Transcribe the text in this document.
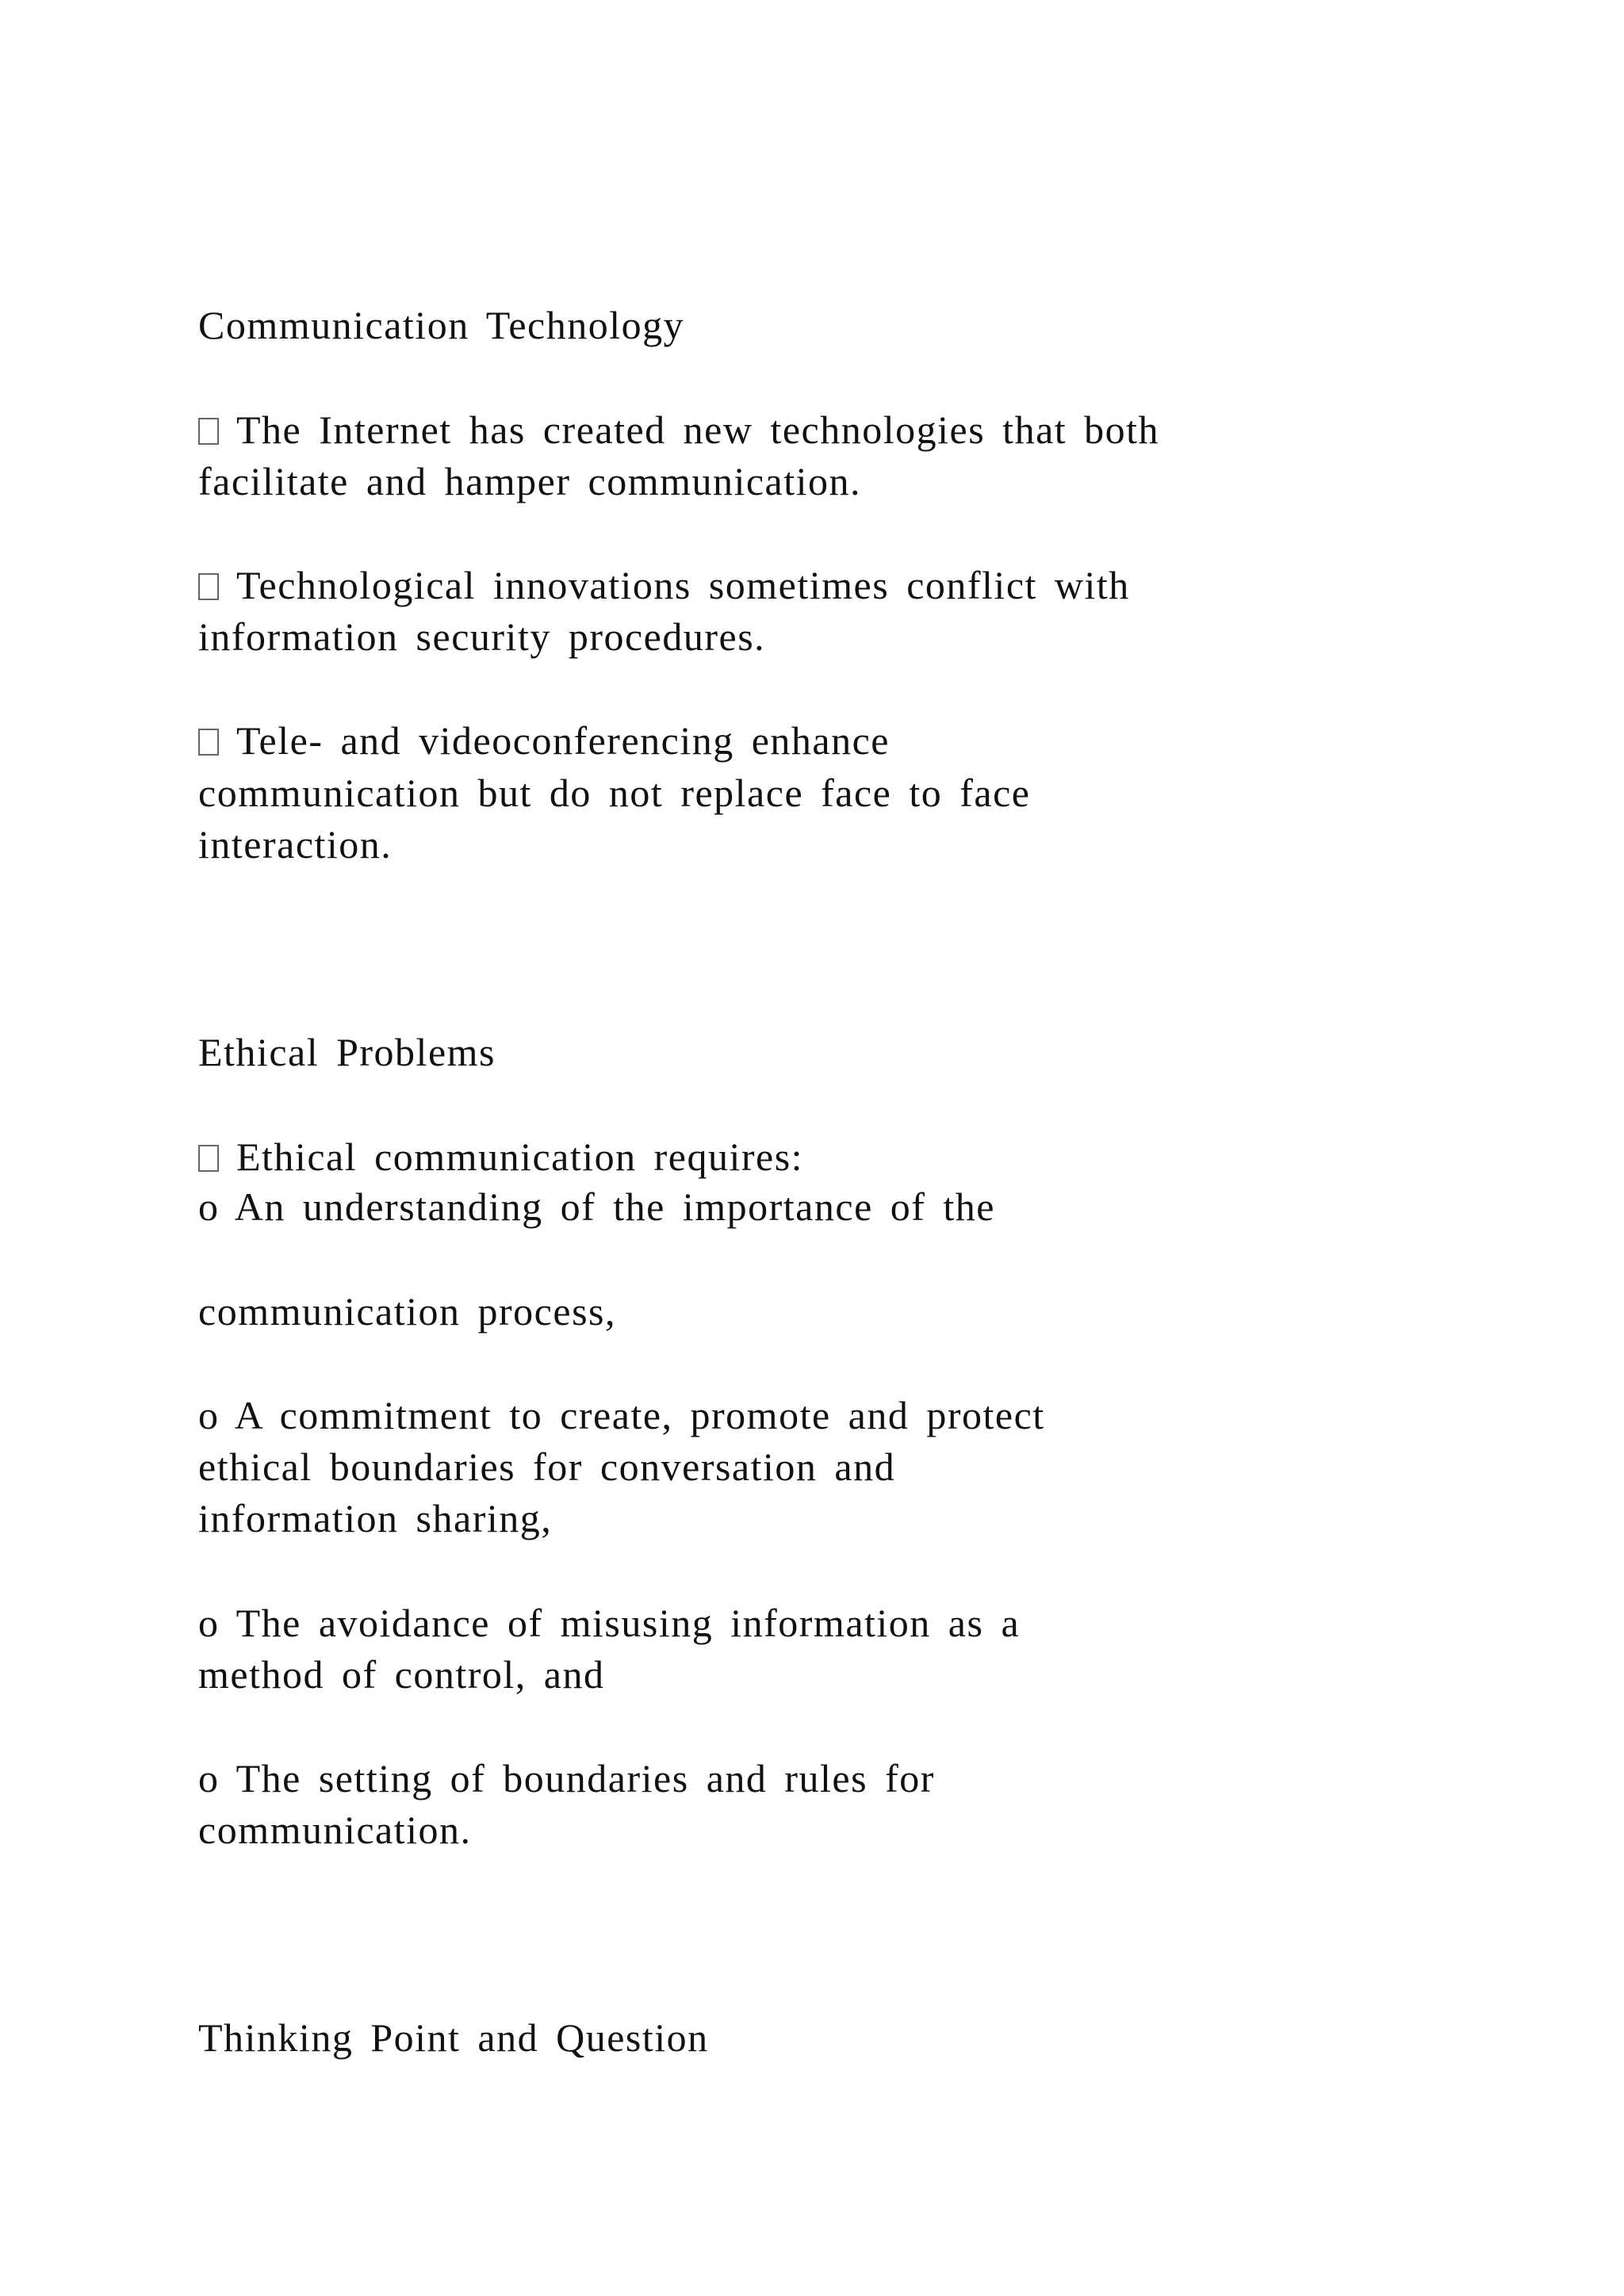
Communication Technology
The Internet has created new technologies that both
facilitate and hamper communication.
Technological innovations sometimes conflict with
information security procedures.
Tele- and videoconferencing enhance
communication but do not replace face to face
interaction.
Ethical Problems
Ethical communication requires:
o An understanding of the importance of the
communication process,
o A commitment to create, promote and protect
ethical boundaries for conversation and
information sharing,
o The avoidance of misusing information as a
method of control, and
o The setting of boundaries and rules for
communication.
Thinking Point and Question
